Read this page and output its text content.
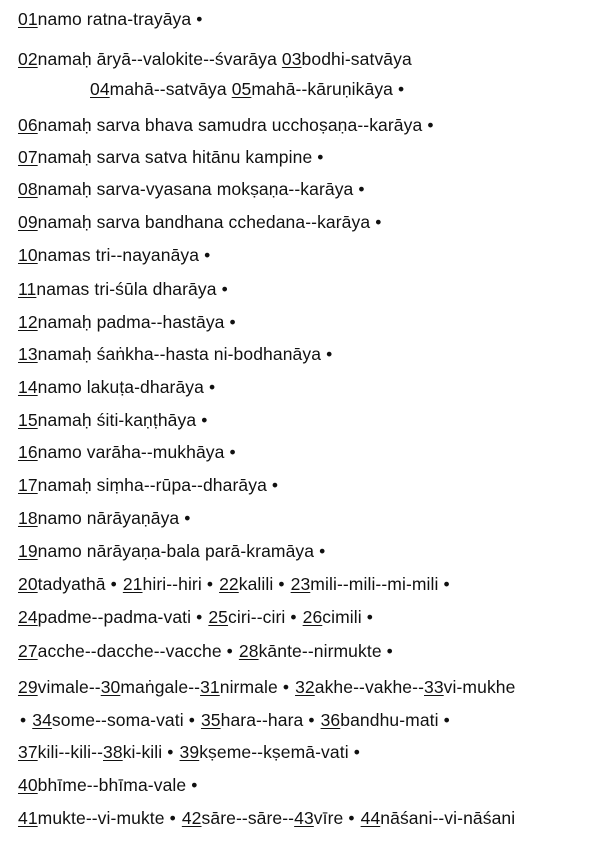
01namo ratna-trayāya •
02namaḥ āryā--valokite--śvarāya 03bodhi-satvāya
04mahā--satvāya 05mahā--kāruṇikāya •
06namaḥ sarva bhava samudra ucchoṣaṇa--karāya •
07namaḥ sarva satva hitānu kampine •
08namaḥ sarva-vyasana mokṣaṇa--karāya •
09namaḥ sarva bandhana cchedana--karāya •
10namas tri--nayanāya •
11namas tri-śūla dharāya •
12namaḥ padma--hastāya •
13namaḥ śaṅkha--hasta ni-bodhanāya •
14namo lakuṭa-dharāya •
15namaḥ śiti-kaṇṭhāya •
16namo varāha--mukhāya •
17namaḥ siṃha--rūpa--dharāya •
18namo nārāyaṇāya •
19namo nārāyaṇa-bala parā-kramāya •
20tadyathā • 21hiri--hiri • 22kalili • 23mili--mili--mi-mili •
24padme--padma-vati • 25ciri--ciri • 26cimili •
27acche--dacche--vacche • 28kānte--nirmukte •
29vimale--30maṅgale--31nirmale • 32akhe--vakhe--33vi-mukhe
• 34some--soma-vati • 35hara--hara • 36bandhu-mati •
37kili--kili--38ki-kili • 39kṣeme--kṣemā-vati •
40bhīme--bhīma-vale •
41mukte--vi-mukte • 42sāre--sāre--43vīre • 44nāśani--vi-nāśani
